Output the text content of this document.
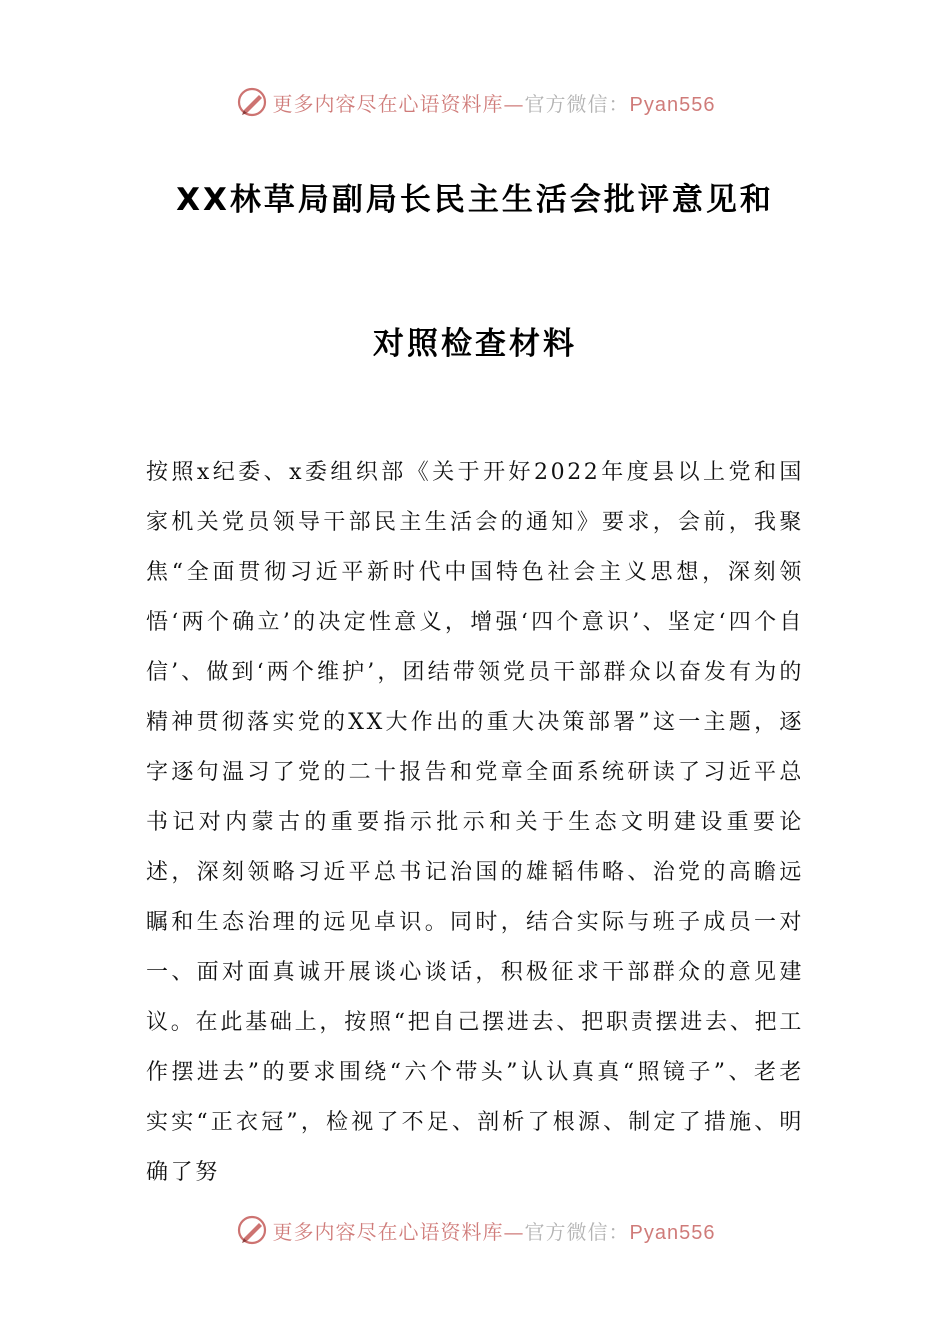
更多内容尽在心语资料库—官方微信：Pyan556
XX林草局副局长民主生活会批评意见和
对照检查材料

按照x纪委、x委组织部《关于开好2022年度县以上党和国家机关党员领导干部民主生活会的通知》要求，会前，我聚焦“全面贯彻习近平新时代中国特色社会主义思想，深刻领悟‘两个确立’的决定性意义，增强‘四个意识’、坚定‘四个自信’、做到‘两个维护’，团结带领党员干部群众以奋发有为的精神贯彻落实党的XX大作出的重大决策部署”这一主题，逐字逐句温习了党的二十报告和党章全面系统研读了习近平总书记对内蒙古的重要指示批示和关于生态文明建设重要论述，深刻领略习近平总书记治国的雄韬伟略、治党的高瞻远瞩和生态治理的远见卓识。同时，结合实际与班子成员一对一、面对面真诚开展谈心谈话，积极征求干部群众的意见建议。在此基础上，按照“把自己摆进去、把职责摆进去、把工作摆进去”的要求围绕“六个带头”认认真真“照镜子”、老老实实“正衣冠”，检视了不足、剖析了根源、制定了措施、明确了努

更多内容尽在心语资料库—官方微信：Pyan556
